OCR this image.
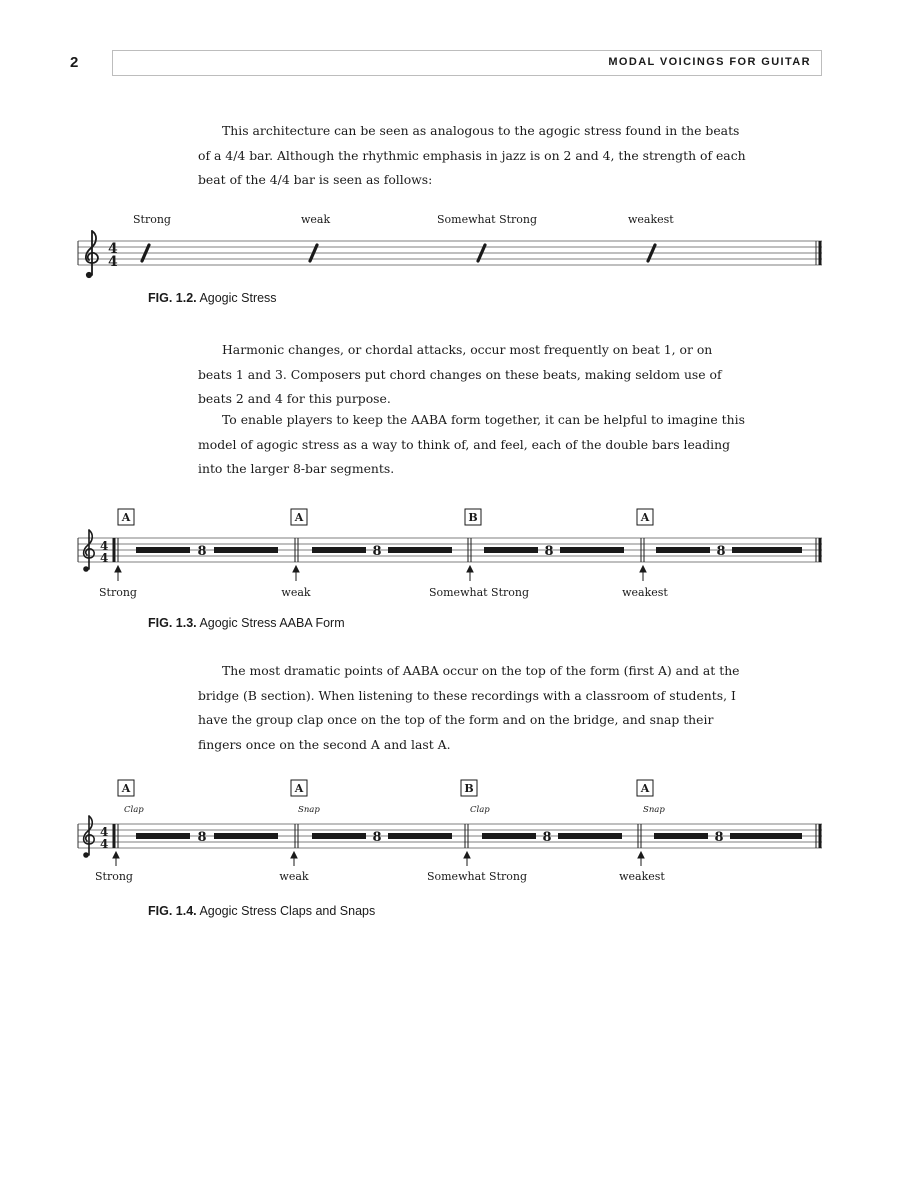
2	MODAL VOICINGS FOR GUITAR

This architecture can be seen as analogous to the agogic stress found in the beats of a 4/4 bar. Although the rhythmic emphasis in jazz is on 2 and 4, the strength of each beat of the 4/4 bar is seen as follows:

Strong	weak	Somewhat Strong	weakest
4
4

FIG. 1.2. Agogic Stress

Harmonic changes, or chordal attacks, occur most frequently on beat 1, or on beats 1 and 3. Composers put chord changes on these beats, making seldom use of beats 2 and 4 for this purpose.

To enable players to keep the AABA form together, it can be helpful to imagine this model of agogic stress as a way to think of, and feel, each of the double bars leading into the larger 8-bar segments.

A	A	B	A
4
4	8	8	8	8
Strong	weak	Somewhat Strong	weakest

FIG. 1.3. Agogic Stress AABA Form

The most dramatic points of AABA occur on the top of the form (first A) and at the bridge (B section). When listening to these recordings with a classroom of students, I have the group clap once on the top of the form and on the bridge, and snap their fingers once on the second A and last A.

A	A	B	A
Clap	Snap	Clap	Snap
4
4	8	8	8	8
Strong	weak	Somewhat Strong	weakest

FIG. 1.4. Agogic Stress Claps and Snaps
